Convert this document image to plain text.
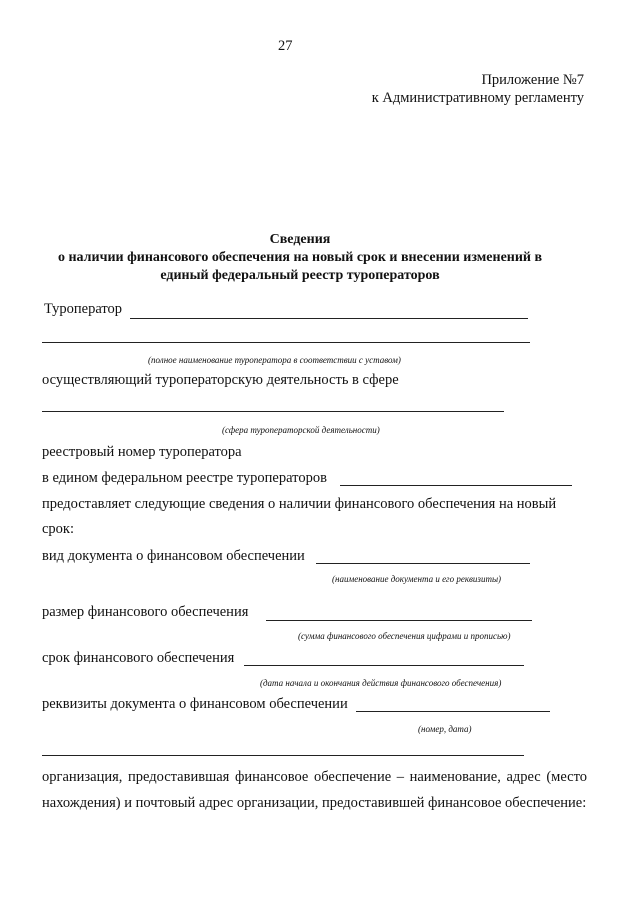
27
Приложение №7
к Административному регламенту
Сведения
о наличии финансового обеспечения на новый срок и внесении изменений в
единый федеральный реестр туроператоров
Туроператор
(полное наименование туроператора в соответствии с уставом)
осуществляющий туроператорскую деятельность в сфере
(сфера туроператорской деятельности)
реестровый номер туроператора
в едином федеральном реестре туроператоров
предоставляет следующие сведения о наличии финансового обеспечения на новый
срок:
вид документа о финансовом обеспечении
(наименование документа и его реквизиты)
размер финансового обеспечения
(сумма финансового обеспечения цифрами и прописью)
срок финансового обеспечения
(дата начала и окончания действия финансового обеспечения)
реквизиты документа о финансовом обеспечении
(номер, дата)
организация, предоставившая финансовое обеспечение – наименование, адрес (место нахождения) и почтовый адрес организации, предоставившей финансовое обеспечение:
